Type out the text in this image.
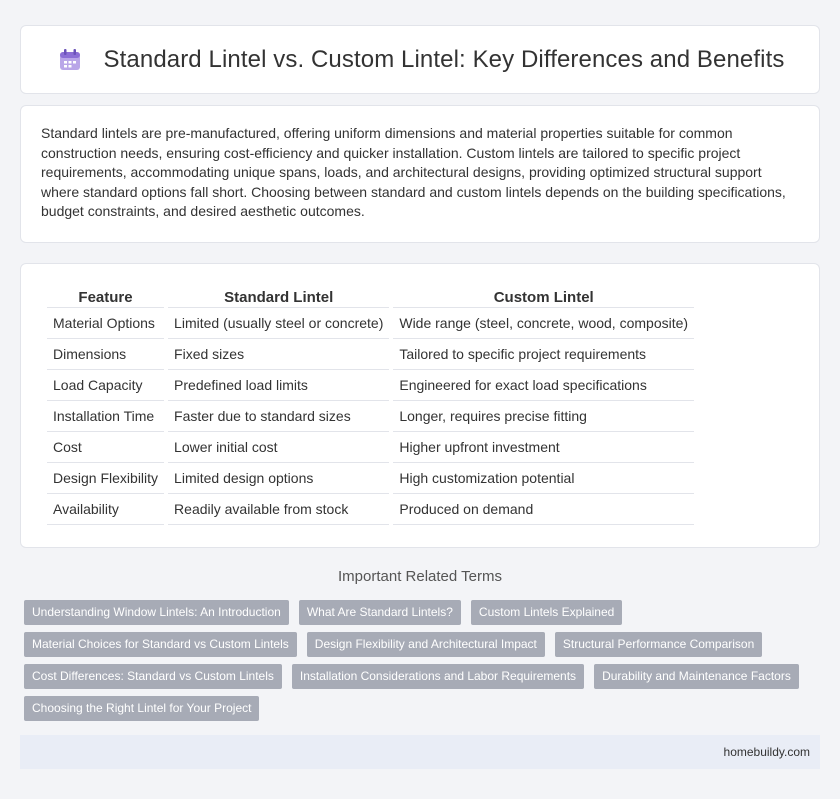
Standard Lintel vs. Custom Lintel: Key Differences and Benefits

Standard lintels are pre-manufactured, offering uniform dimensions and material properties suitable for common construction needs, ensuring cost-efficiency and quicker installation. Custom lintels are tailored to specific project requirements, accommodating unique spans, loads, and architectural designs, providing optimized structural support where standard options fall short. Choosing between standard and custom lintels depends on the building specifications, budget constraints, and desired aesthetic outcomes.

Feature	Standard Lintel	Custom Lintel
Material Options	Limited (usually steel or concrete)	Wide range (steel, concrete, wood, composite)
Dimensions	Fixed sizes	Tailored to specific project requirements
Load Capacity	Predefined load limits	Engineered for exact load specifications
Installation Time	Faster due to standard sizes	Longer, requires precise fitting
Cost	Lower initial cost	Higher upfront investment
Design Flexibility	Limited design options	High customization potential
Availability	Readily available from stock	Produced on demand
Important Related Terms
Understanding Window Lintels: An Introduction	What Are Standard Lintels?	Custom Lintels Explained
Material Choices for Standard vs Custom Lintels	Design Flexibility and Architectural Impact	Structural Performance Comparison
Cost Differences: Standard vs Custom Lintels	Installation Considerations and Labor Requirements	Durability and Maintenance Factors
Choosing the Right Lintel for Your Project
homebuildy.com
